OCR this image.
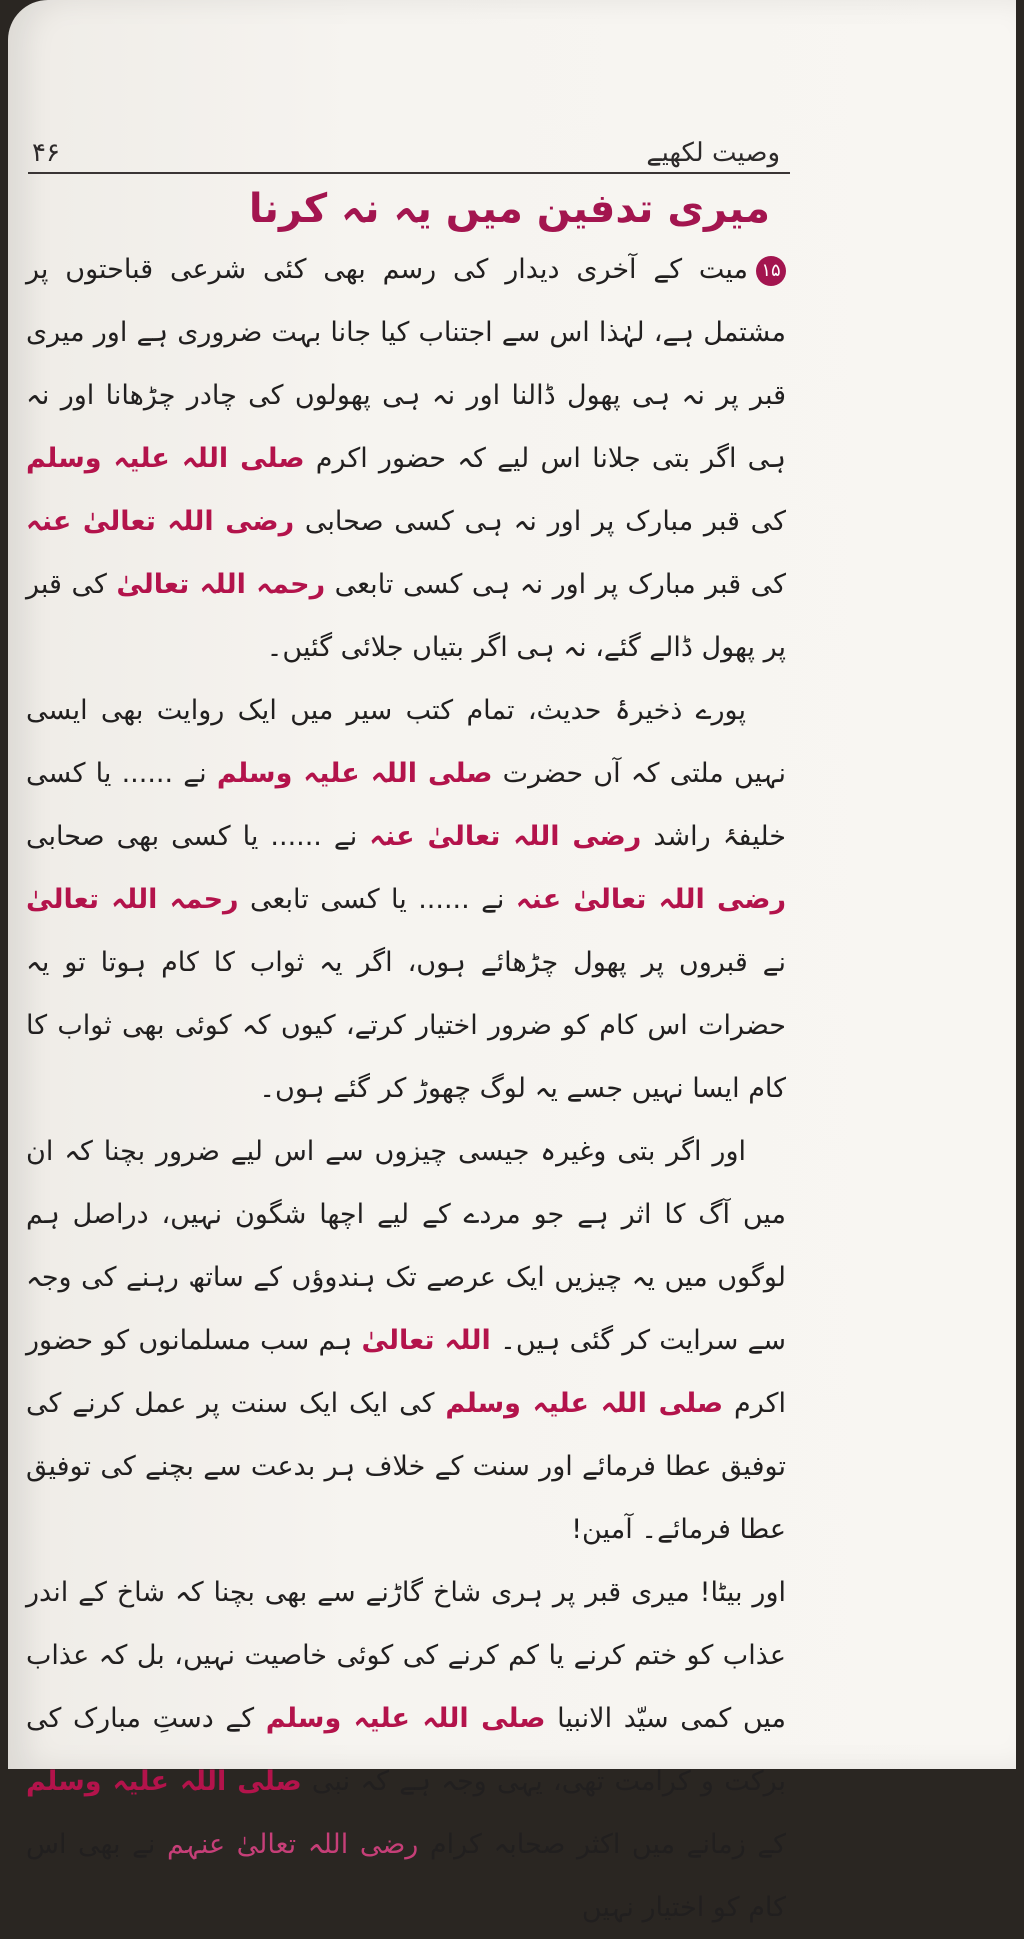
وصیت لکھیے
۴۶
میری تدفین میں یہ نہ کرنا

۱۵میت کے آخری دیدار کی رسم بھی کئی شرعی قباحتوں پر مشتمل ہے، لہٰذا اس سے اجتناب کیا جانا بہت ضروری ہے اور میری قبر پر نہ ہی پھول ڈالنا اور نہ ہی پھولوں کی چادر چڑھانا اور نہ ہی اگر بتی جلانا اس لیے کہ حضور اکرم صلی اللہ علیہ وسلم کی قبر مبارک پر اور نہ ہی کسی صحابی رضی اللہ تعالیٰ عنہ کی قبر مبارک پر اور نہ ہی کسی تابعی رحمہ اللہ تعالیٰ کی قبر پر پھول ڈالے گئے، نہ ہی اگر بتیاں جلائی گئیں۔

پورے ذخیرۂ حدیث، تمام کتب سیر میں ایک روایت بھی ایسی نہیں ملتی کہ آں حضرت صلی اللہ علیہ وسلم نے ...... یا کسی خلیفۂ راشد رضی اللہ تعالیٰ عنہ نے ...... یا کسی بھی صحابی رضی اللہ تعالیٰ عنہ نے ...... یا کسی تابعی رحمہ اللہ تعالیٰ نے قبروں پر پھول چڑھائے ہوں، اگر یہ ثواب کا کام ہوتا تو یہ حضرات اس کام کو ضرور اختیار کرتے، کیوں کہ کوئی بھی ثواب کا کام ایسا نہیں جسے یہ لوگ چھوڑ کر گئے ہوں۔

اور اگر بتی وغیرہ جیسی چیزوں سے اس لیے ضرور بچنا کہ ان میں آگ کا اثر ہے جو مردے کے لیے اچھا شگون نہیں، دراصل ہم لوگوں میں یہ چیزیں ایک عرصے تک ہندوؤں کے ساتھ رہنے کی وجہ سے سرایت کر گئی ہیں۔ اللہ تعالیٰ ہم سب مسلمانوں کو حضور اکرم صلی اللہ علیہ وسلم کی ایک ایک سنت پر عمل کرنے کی توفیق عطا فرمائے اور سنت کے خلاف ہر بدعت سے بچنے کی توفیق عطا فرمائے۔ آمین!

اور بیٹا! میری قبر پر ہری شاخ گاڑنے سے بھی بچنا کہ شاخ کے اندر عذاب کو ختم کرنے یا کم کرنے کی کوئی خاصیت نہیں، بل کہ عذاب میں کمی سیّد الانبیا صلی اللہ علیہ وسلم کے دستِ مبارک کی برکت و کرامت تھی، یہی وجہ ہے کہ نبی صلی اللہ علیہ وسلم کے زمانے میں اکثر صحابہ کرام رضی اللہ تعالیٰ عنہم نے بھی اس کام کو اختیار نہیں
